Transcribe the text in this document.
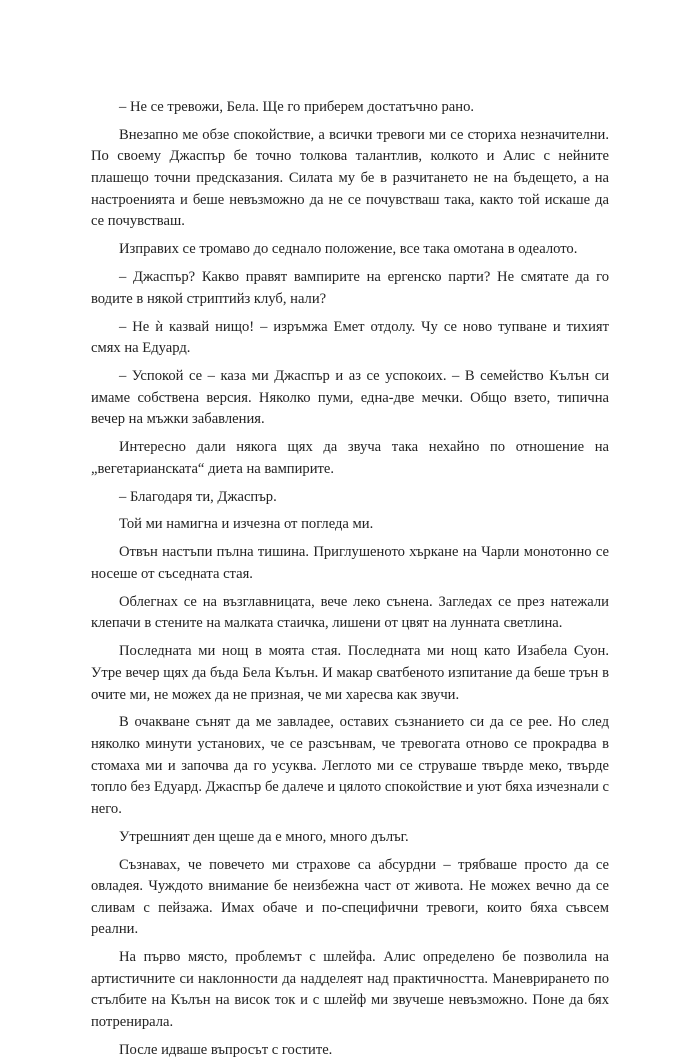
– Не се тревожи, Бела. Ще го приберем достатъчно рано.

Внезапно ме обзе спокойствие, а всички тревоги ми се сториха незначителни. По своему Джаспър бе точно толкова талантлив, колкото и Алис с нейните плашещо точни предсказания. Силата му бе в разчитането не на бъдещето, а на настроенията и беше невъзможно да не се почувстваш така, както той искаше да се почувстваш.

Изправих се тромаво до седнало положение, все така омотана в одеалото.

– Джаспър? Какво правят вампирите на ергенско парти? Не смятате да го водите в някой стриптийз клуб, нали?

– Не ѝ казвай нищо! – изръмжа Емет отдолу. Чу се ново тупване и тихият смях на Едуард.

– Успокой се – каза ми Джаспър и аз се успокоих. – В семейство Кълън си имаме собствена версия. Няколко пуми, една-две мечки. Общо взето, типична вечер на мъжки забавления.

Интересно дали някога щях да звуча така нехайно по отношение на „вегетарианската“ диета на вампирите.

– Благодаря ти, Джаспър.

Той ми намигна и изчезна от погледа ми.

Отвън настъпи пълна тишина. Приглушеното хъркане на Чарли монотонно се носеше от съседната стая.

Облегнах се на възглавницата, вече леко сънена. Загледах се през натежали клепачи в стените на малката стаичка, лишени от цвят на лунната светлина.

Последната ми нощ в моята стая. Последната ми нощ като Изабела Суон. Утре вечер щях да бъда Бела Кълън. И макар сватбеното изпитание да беше трън в очите ми, не можех да не призная, че ми харесва как звучи.

В очакване сънят да ме завладее, оставих съзнанието си да се рее. Но след няколко минути установих, че се разсънвам, че тревогата отново се прокрадва в стомаха ми и започва да го усуква. Леглото ми се струваше твърде меко, твърде топло без Едуард. Джаспър бе далече и цялото спокойствие и уют бяха изчезнали с него.

Утрешният ден щеше да е много, много дълъг.

Съзнавах, че повечето ми страхове са абсурдни – трябваше просто да се овладея. Чуждото внимание бе неизбежна част от живота. Не можех вечно да се сливам с пейзажа. Имах обаче и по-специфични тревоги, които бяха съвсем реални.

На първо място, проблемът с шлейфа. Алис определено бе позволила на артистичните си наклонности да надделеят над практичността. Маневрирането по стълбите на Кълън на висок ток и с шлейф ми звучеше невъзможно. Поне да бях потренирала.

После идваше въпросът с гостите.
